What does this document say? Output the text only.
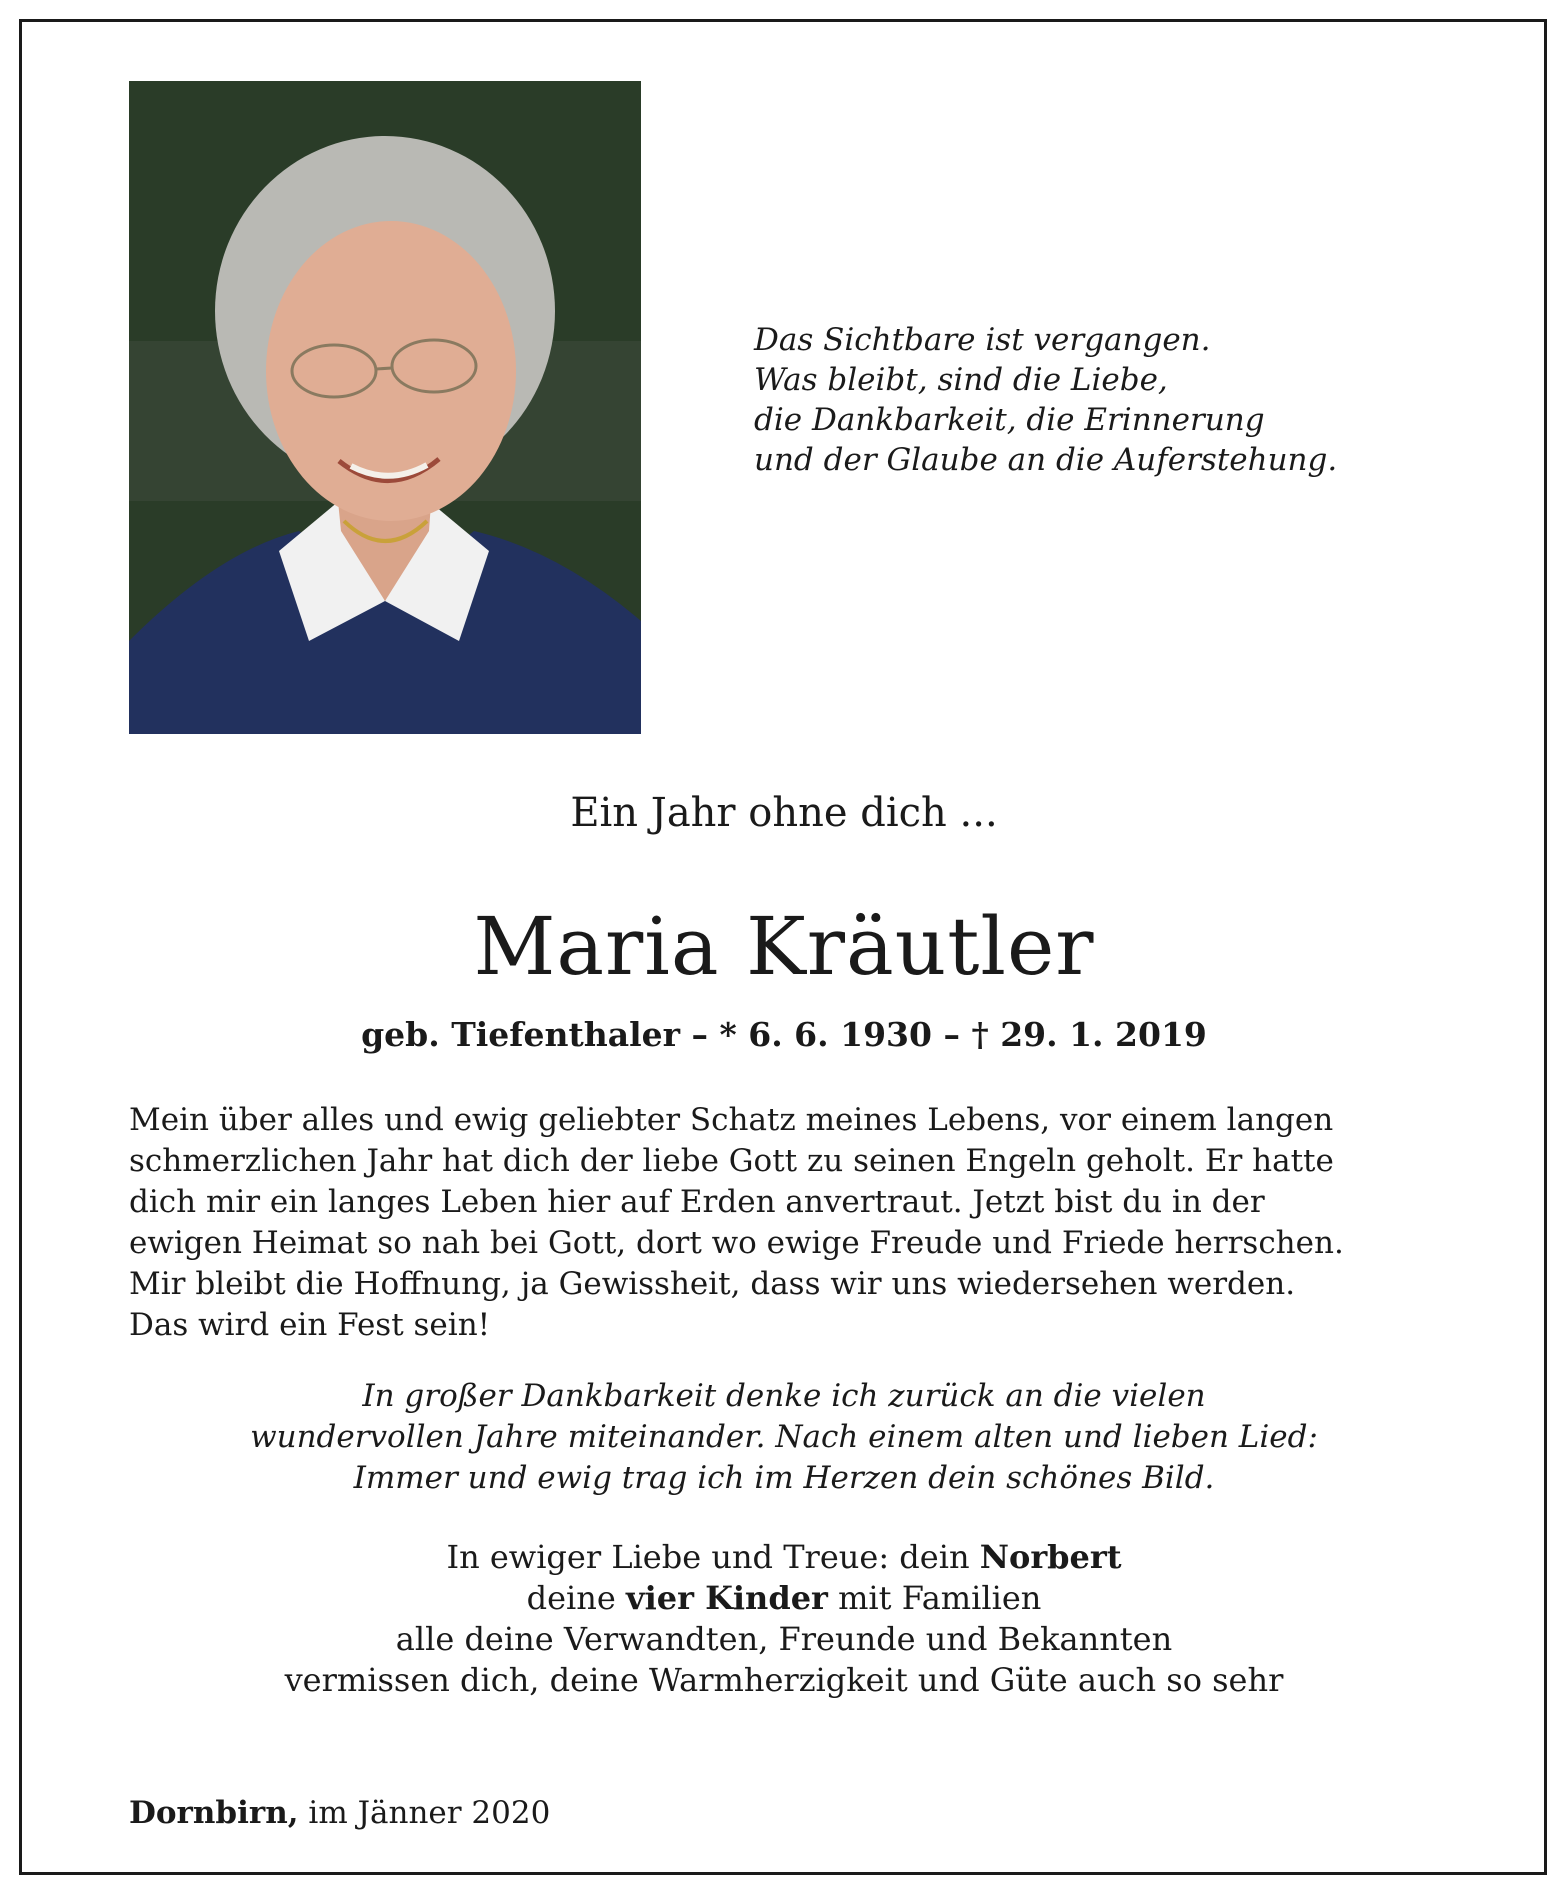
Das Sichtbare ist vergangen.
Was bleibt, sind die Liebe,
die Dankbarkeit, die Erinnerung
und der Glaube an die Auferstehung.
Ein Jahr ohne dich ...
Maria Kräutler
geb. Tiefenthaler – * 6. 6. 1930 – † 29. 1. 2019
Mein über alles und ewig geliebter Schatz meines Lebens, vor einem langen
schmerzlichen Jahr hat dich der liebe Gott zu seinen Engeln geholt. Er hatte
dich mir ein langes Leben hier auf Erden anvertraut. Jetzt bist du in der
ewigen Heimat so nah bei Gott, dort wo ewige Freude und Friede herrschen.
Mir bleibt die Hoffnung, ja Gewissheit, dass wir uns wiedersehen werden.
Das wird ein Fest sein!
In großer Dankbarkeit denke ich zurück an die vielen
wundervollen Jahre miteinander. Nach einem alten und lieben Lied:
Immer und ewig trag ich im Herzen dein schönes Bild.
In ewiger Liebe und Treue: dein Norbert
deine vier Kinder mit Familien
alle deine Verwandten, Freunde und Bekannten
vermissen dich, deine Warmherzigkeit und Güte auch so sehr
Dornbirn, im Jänner 2020
